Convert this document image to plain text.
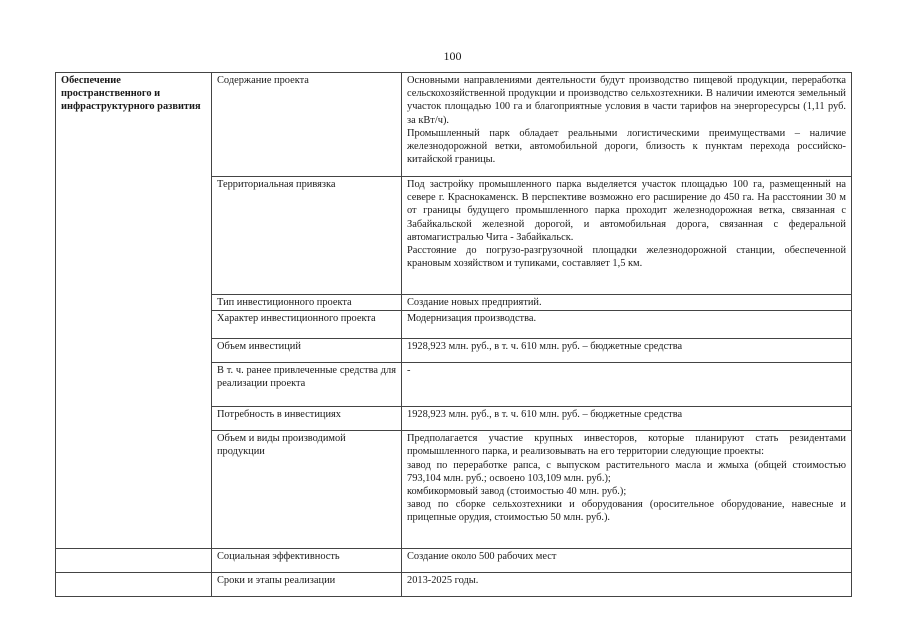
100
Обеспечение пространственного и инфраструктурного развития	Содержание проекта	Основными направлениями деятельности будут производство пищевой продукции, переработка сельскохозяйственной продукции и производство сельхозтехники. В наличии имеются земельный участок площадью 100 га и благоприятные условия в части тарифов на энергоресурсы (1,11 руб. за кВт/ч).
Промышленный парк обладает реальными логистическими преимуществами – наличие железнодорожной ветки, автомобильной дороги, близость к пунктам перехода российско-китайской границы.

	Территориальная привязка	Под застройку промышленного парка выделяется участок площадью 100 га, размещенный на севере г. Краснокаменск. В перспективе возможно его расширение до 450 га. На расстоянии 30 м от границы будущего промышленного парка проходит железнодорожная ветка, связанная с Забайкальской железной дорогой, и автомобильная дорога, связанная с федеральной автомагистралью Чита - Забайкальск.
Расстояние до погрузо-разгрузочной площадки железнодорожной станции, обеспеченной крановым хозяйством и тупиками, составляет 1,5 км.

	Тип инвестиционного проекта	Создание новых предприятий.
	Характер инвестиционного проекта	Модернизация производства.
	Объем инвестиций	1928,923 млн. руб., в т. ч. 610 млн. руб. – бюджетные средства
	В т. ч. ранее привлеченные средства для реализации проекта	-
	Потребность в инвестициях	1928,923 млн. руб., в т. ч. 610 млн. руб. – бюджетные средства
	Объем и виды производимой продукции	Предполагается участие крупных инвесторов, которые планируют стать резидентами промышленного парка, и реализовывать на его территории следующие проекты:
завод по переработке рапса, с выпуском растительного масла и жмыха (общей стоимостью 793,104 млн. руб.; освоено 103,109 млн. руб.);
комбикормовый завод (стоимостью 40 млн. руб.);
завод по сборке сельхозтехники и оборудования (оросительное оборудование, навесные и прицепные орудия, стоимостью 50 млн. руб.).

	Социальная эффективность	Создание около 500 рабочих мест
	Сроки и этапы реализации	2013-2025 годы.
